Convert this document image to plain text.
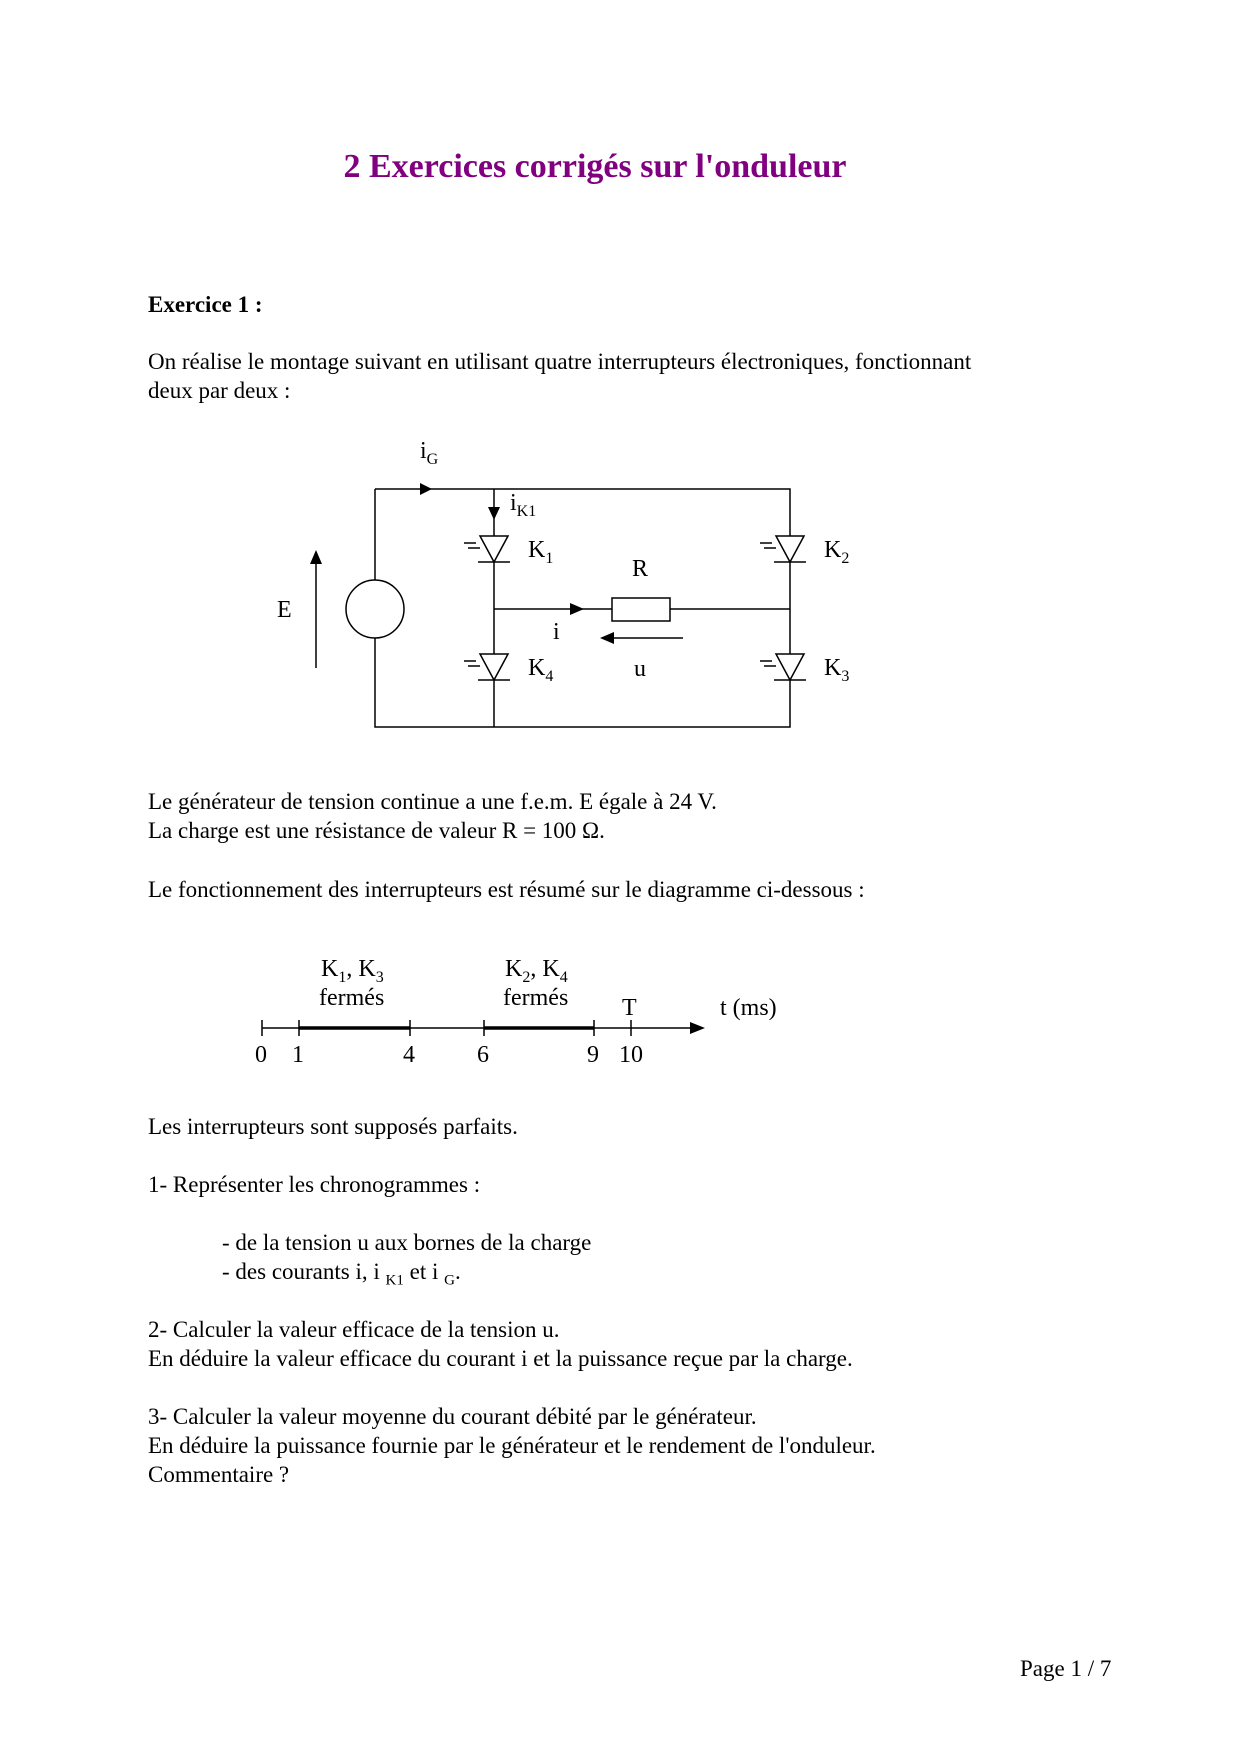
2 Exercices corrigés sur l'onduleur

Exercice 1 :

On réalise le montage suivant en utilisant quatre interrupteurs électroniques, fonctionnant

deux par deux :

$i_G$
$i_{K1}$
$K_1$	$K_2$
$K_4$	$K_3$
R
E
i
u

Le générateur de tension continue a une f.e.m. E égale à 24 V.

La charge est une résistance de valeur R = 100 Ω.

Le fonctionnement des interrupteurs est résumé sur le diagramme ci-dessous :

$K_1$, $K_3$
fermés
$K_2$, $K_4$
fermés T	t (ms)
0 1	4	6	9 10

Les interrupteurs sont supposés parfaits.

1- Représenter les chronogrammes :

- de la tension u aux bornes de la charge

- des courants i, i $_{K1}$ et i $_G$.

2- Calculer la valeur efficace de la tension u.

En déduire la valeur efficace du courant i et la puissance reçue par la charge.

3- Calculer la valeur moyenne du courant débité par le générateur.

En déduire la puissance fournie par le générateur et le rendement de l'onduleur.

Commentaire ?

Page 1 / 7
